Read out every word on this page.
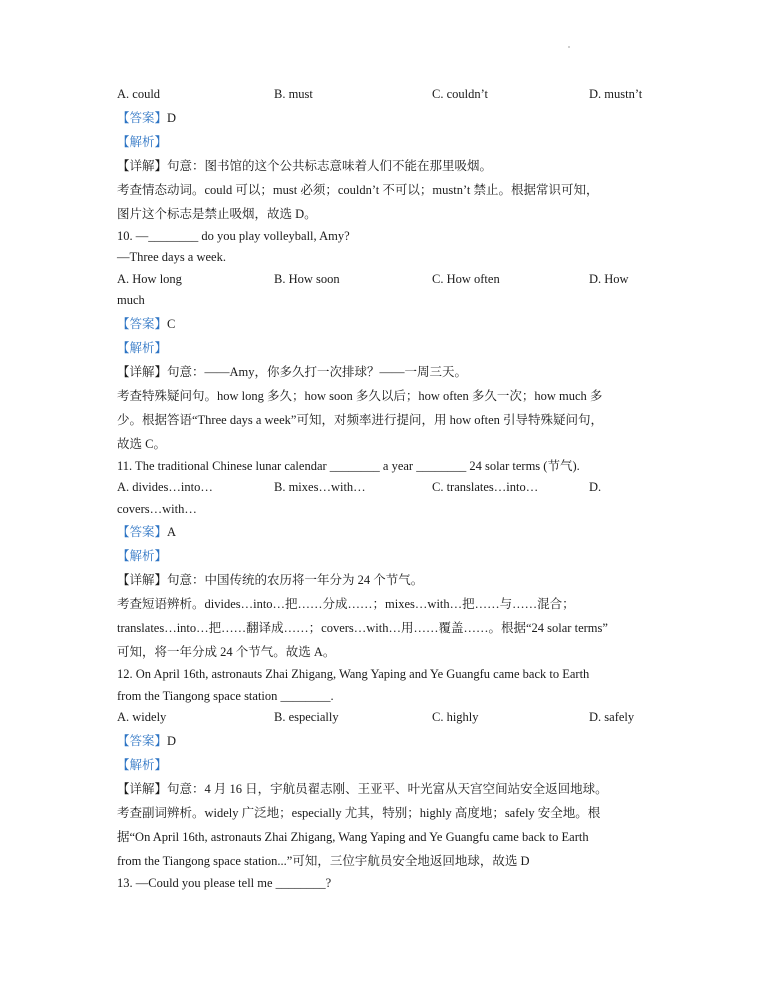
A. could	B. must	C. couldn’t	D. mustn’t
【答案】D
【解析】
【详解】句意：图书馆的这个公共标志意味着人们不能在那里吸烟。
考查情态动词。could 可以；must 必须；couldn’t 不可以；mustn’t 禁止。根据常识可知，
图片这个标志是禁止吸烟，故选 D。
10. —________ do you play volleyball, Amy?
—Three days a week.
A. How long	B. How soon	C. How often	D. How
much
【答案】C
【解析】
【详解】句意：——Amy，你多久打一次排球？——一周三天。
考查特殊疑问句。how long 多久；how soon 多久以后；how often 多久一次；how much 多
少。根据答语“Three days a week”可知，对频率进行提问，用 how often 引导特殊疑问句，
故选 C。
11. The traditional Chinese lunar calendar ________ a year ________ 24 solar terms (节气).
A. divides…into…	B. mixes…with…	C. translates…into…	D.
covers…with…
【答案】A
【解析】
【详解】句意：中国传统的农历将一年分为 24 个节气。
考查短语辨析。divides…into…把……分成……；mixes…with…把……与……混合；
translates…into…把……翻译成……；covers…with…用……覆盖……。根据“24 solar terms”
可知，将一年分成 24 个节气。故选 A。
12. On April 16th, astronauts Zhai Zhigang, Wang Yaping and Ye Guangfu came back to Earth
from the Tiangong space station ________.
A. widely	B. especially	C. highly	D. safely
【答案】D
【解析】
【详解】句意：4 月 16 日，宇航员翟志刚、王亚平、叶光富从天宫空间站安全返回地球。
考查副词辨析。widely 广泛地；especially 尤其，特别；highly 高度地；safely 安全地。根
据“On April 16th, astronauts Zhai Zhigang, Wang Yaping and Ye Guangfu came back to Earth
from the Tiangong space station...”可知，三位宇航员安全地返回地球，故选 D
13. —Could you please tell me ________?
